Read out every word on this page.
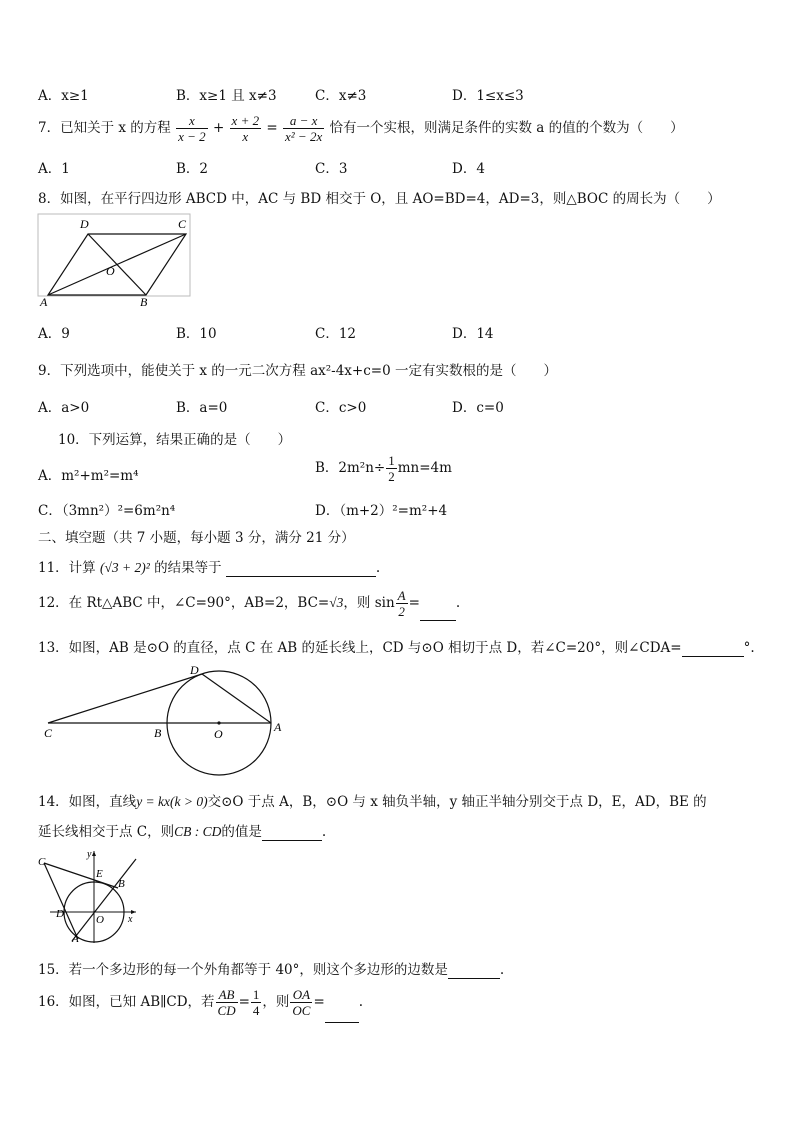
A．x≥1	B．x≥1 且 x≠3	C．x≠3	D．1≤x≤3
7．已知关于 x 的方程 $\frac{x}{x - 2} + \frac{x + 2}{x} = \frac{a - x}{\text{x² − 2x}}$ 恰有一个实根，则满足条件的实数 a 的值的个数为（　　）
A．1	B．2	C．3	D．4
8．如图，在平行四边形 ABCD 中，AC 与 BD 相交于 O，且 AO=BD=4，AD=3，则△BOC 的周长为（　　）
A	B
C
D
O
A．9	B．10	C．12	D．14
9．下列选项中，能使关于 x 的一元二次方程 ax²-4x+c=0 一定有实数根的是（　　）
A．a>0	B．a=0	C．c>0	D．c=0
10．下列运算，结果正确的是（　　）
A．m²+m²=m⁴	B．$2m^2n\div \frac{1}{2} mn=4m$
C．（3mn²）²=6m²n⁴	D．（m+2）²=m²+4
二、填空题（共 7 小题，每小题 3 分，满分 21 分）
11．计算 (√3 + 2)² 的结果等于	.
12．在 Rt△ABC 中，∠C=90°，AB=2，BC=√3，则 $\sin \frac{A}{2}$ =	.
13．如图，AB 是⊙O 的直径，点 C 在 AB 的延长线上，CD 与⊙O 相切于点 D，若∠C=20°，则∠CDA=	°.
C	B	O	A
D
14．如图，直线y = kx(k > 0)交⊙O 于点 A，B，⊙O 与 x 轴负半轴，y 轴正半轴分别交于点 D，E，AD，BE 的
延长线相交于点 C，则CB : CD的值是	.
C
E
B
D	O
A
x
y
15．若一个多边形的每一个外角都等于 40°，则这个多边形的边数是	.
16．如图，已知 AB∥CD，若 $\frac{AB}{CD} = \frac{1}{4}$ ，则 $\frac{OA}{OC}$ =	.
